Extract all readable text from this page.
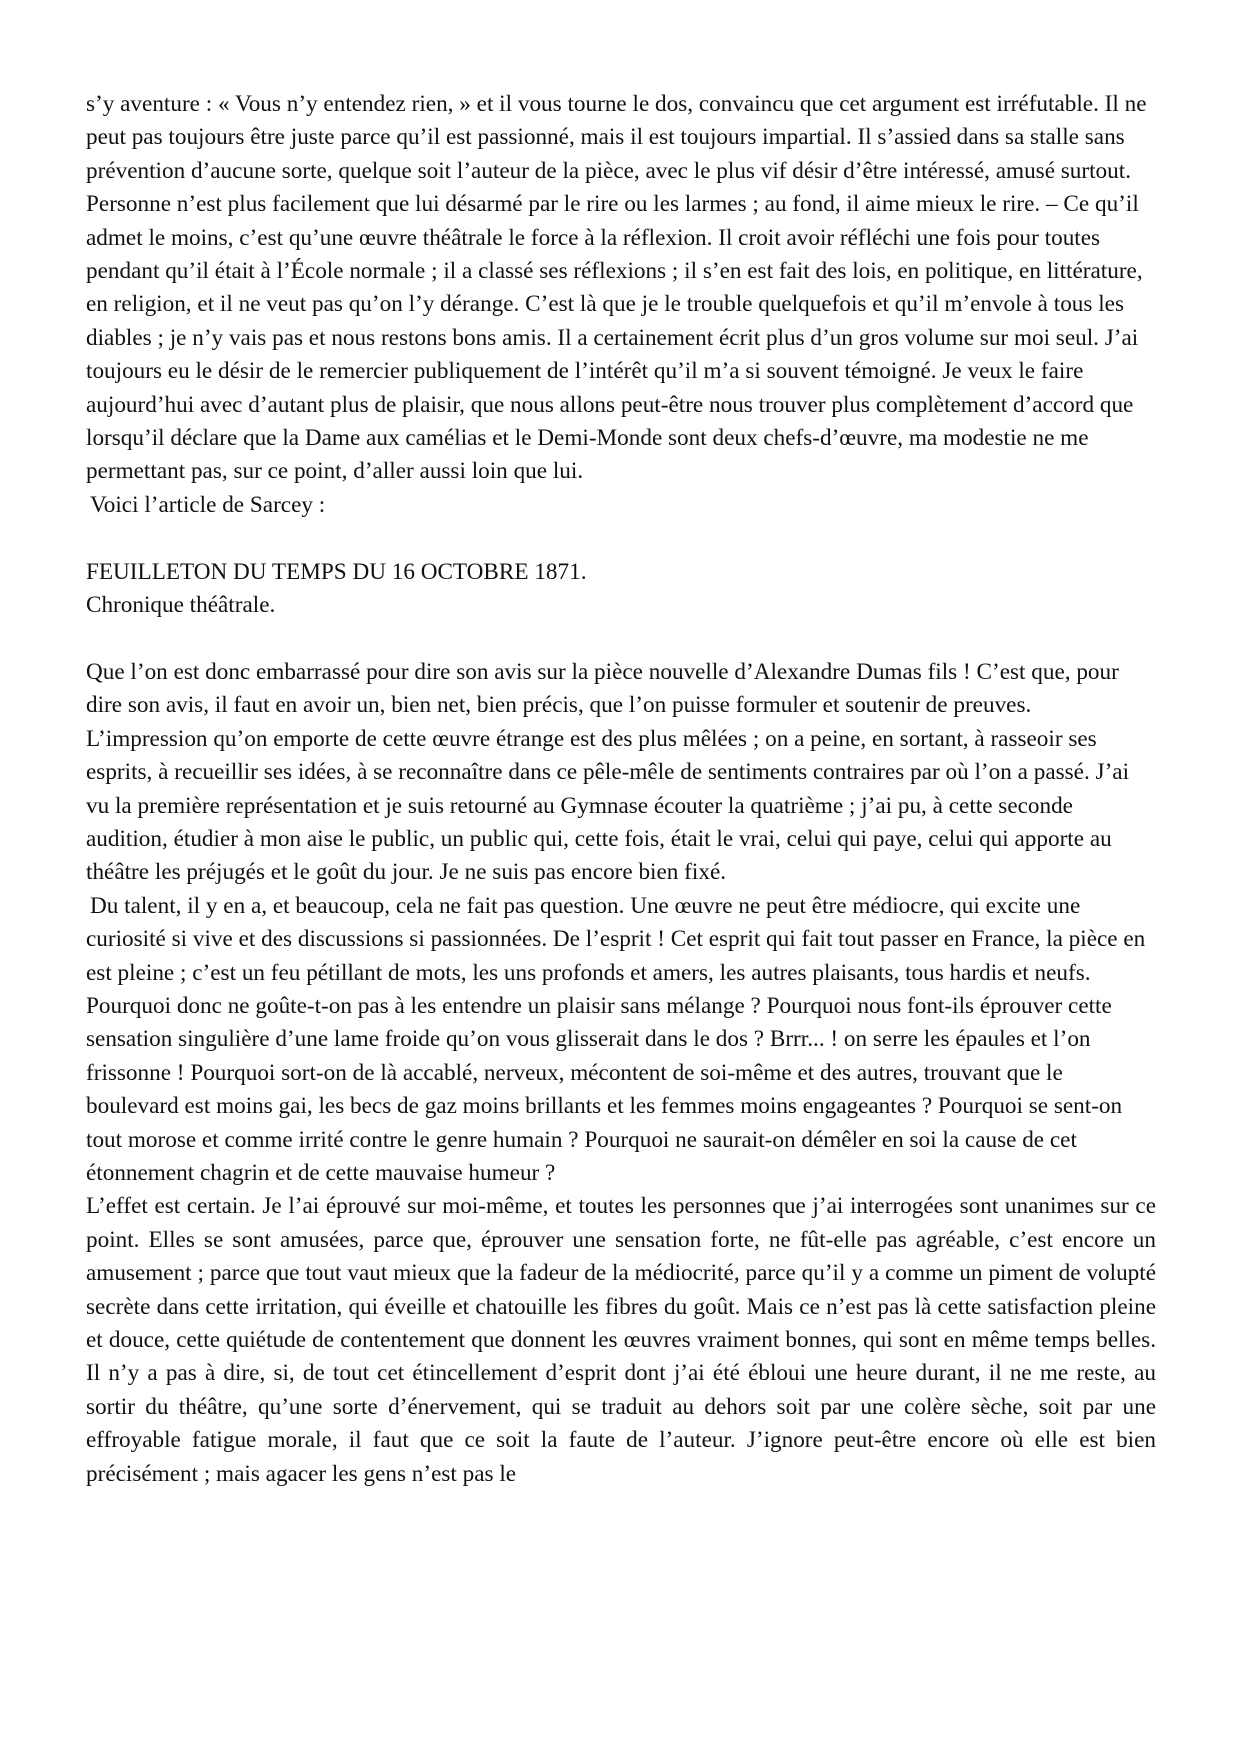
s’y aventure : « Vous n’y entendez rien, » et il vous tourne le dos, convaincu que cet argument est irréfutable. Il ne peut pas toujours être juste parce qu’il est passionné, mais il est toujours impartial. Il s’assied dans sa stalle sans prévention d’aucune sorte, quelque soit l’auteur de la pièce, avec le plus vif désir d’être intéressé, amusé surtout. Personne n’est plus facilement que lui désarmé par le rire ou les larmes ; au fond, il aime mieux le rire. – Ce qu’il admet le moins, c’est qu’une œuvre théâtrale le force à la réflexion. Il croit avoir réfléchi une fois pour toutes pendant qu’il était à l’École normale ; il a classé ses réflexions ; il s’en est fait des lois, en politique, en littérature, en religion, et il ne veut pas qu’on l’y dérange. C’est là que je le trouble quelquefois et qu’il m’envole à tous les diables ; je n’y vais pas et nous restons bons amis. Il a certainement écrit plus d’un gros volume sur moi seul. J’ai toujours eu le désir de le remercier publiquement de l’intérêt qu’il m’a si souvent témoigné. Je veux le faire aujourd’hui avec d’autant plus de plaisir, que nous allons peut-être nous trouver plus complètement d’accord que lorsqu’il déclare que la Dame aux camélias et le Demi-Monde sont deux chefs-d’œuvre, ma modestie ne me permettant pas, sur ce point, d’aller aussi loin que lui.

Voici l’article de Sarcey :

FEUILLETON DU TEMPS DU 16 OCTOBRE 1871.

Chronique théâtrale.

Que l’on est donc embarrassé pour dire son avis sur la pièce nouvelle d’Alexandre Dumas fils ! C’est que, pour dire son avis, il faut en avoir un, bien net, bien précis, que l’on puisse formuler et soutenir de preuves. L’impression qu’on emporte de cette œuvre étrange est des plus mêlées ; on a peine, en sortant, à rasseoir ses esprits, à recueillir ses idées, à se reconnaître dans ce pêle-mêle de sentiments contraires par où l’on a passé. J’ai vu la première représentation et je suis retourné au Gymnase écouter la quatrième ; j’ai pu, à cette seconde audition, étudier à mon aise le public, un public qui, cette fois, était le vrai, celui qui paye, celui qui apporte au théâtre les préjugés et le goût du jour. Je ne suis pas encore bien fixé.

Du talent, il y en a, et beaucoup, cela ne fait pas question. Une œuvre ne peut être médiocre, qui excite une curiosité si vive et des discussions si passionnées. De l’esprit ! Cet esprit qui fait tout passer en France, la pièce en est pleine ; c’est un feu pétillant de mots, les uns profonds et amers, les autres plaisants, tous hardis et neufs. Pourquoi donc ne goûte-t-on pas à les entendre un plaisir sans mélange ? Pourquoi nous font-ils éprouver cette sensation singulière d’une lame froide qu’on vous glisserait dans le dos ? Brrr... ! on serre les épaules et l’on frissonne ! Pourquoi sort-on de là accablé, nerveux, mécontent de soi-même et des autres, trouvant que le boulevard est moins gai, les becs de gaz moins brillants et les femmes moins engageantes ? Pourquoi se sent-on tout morose et comme irrité contre le genre humain ? Pourquoi ne saurait-on démêler en soi la cause de cet étonnement chagrin et de cette mauvaise humeur ?

L’effet est certain. Je l’ai éprouvé sur moi-même, et toutes les personnes que j’ai interrogées sont unanimes sur ce point. Elles se sont amusées, parce que, éprouver une sensation forte, ne fût-elle pas agréable, c’est encore un amusement ; parce que tout vaut mieux que la fadeur de la médiocrité, parce qu’il y a comme un piment de volupté secrète dans cette irritation, qui éveille et chatouille les fibres du goût. Mais ce n’est pas là cette satisfaction pleine et douce, cette quiétude de contentement que donnent les œuvres vraiment bonnes, qui sont en même temps belles. Il n’y a pas à dire, si, de tout cet étincellement d’esprit dont j’ai été ébloui une heure durant, il ne me reste, au sortir du théâtre, qu’une sorte d’énervement, qui se traduit au dehors soit par une colère sèche, soit par une effroyable fatigue morale, il faut que ce soit la faute de l’auteur. J’ignore peut-être encore où elle est bien précisément ; mais agacer les gens n’est pas le
